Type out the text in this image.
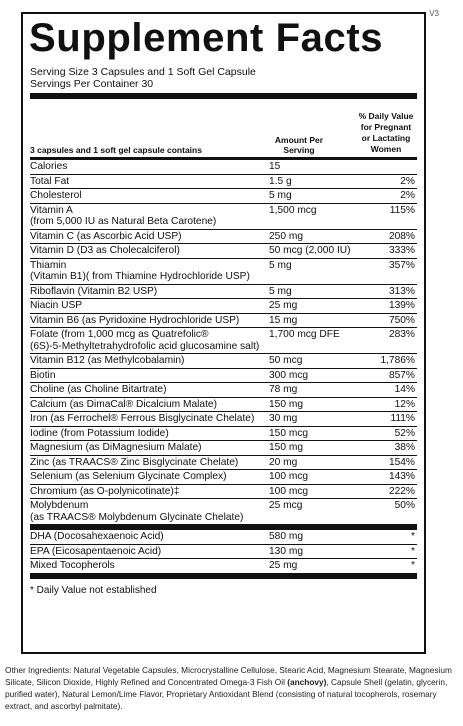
V3
Supplement Facts
Serving Size 3 Capsules and 1 Soft Gel Capsule
Servings Per Container 30
3 capsules and 1 soft gel capsule contains
Amount Per
Serving
% Daily Value
for Pregnant
or Lactating
Women
Calories	15
Total Fat	1.5 g	2%
Cholesterol	5 mg	2%
Vitamin A
(from 5,000 IU as Natural Beta Carotene)
1,500 mcg	115%
Vitamin C (as Ascorbic Acid USP)	250 mg	208%
Vitamin D (D3 as Cholecalciferol)	50 mcg (2,000 IU)	333%
Thiamin
(Vitamin B1)( from Thiamine Hydrochloride USP)
5 mg	357%
Riboflavin (Vitamin B2 USP)	5 mg	313%
Niacin USP	25 mg	139%
Vitamin B6 (as Pyridoxine Hydrochloride USP)	15 mg	750%
Folate (from 1,000 mcg as Quatrefolic®
(6S)-5-Methyltetrahydrofolic acid glucosamine salt)
1,700 mcg DFE	283%
Vitamin B12 (as Methylcobalamin)	50 mcg	1,786%
Biotin	300 mcg	857%
Choline (as Choline Bitartrate)	78 mg	14%
Calcium (as DimaCal® Dicalcium Malate)	150 mg	12%
Iron (as Ferrochel® Ferrous Bisglycinate Chelate)	30 mg	111%
Iodine (from Potassium Iodide)	150 mcg	52%
Magnesium (as DiMagnesium Malate)	150 mg	38%
Zinc (as TRAACS® Zinc Bisglycinate Chelate)	20 mg	154%
Selenium (as Selenium Glycinate Complex)	100 mcg	143%
Chromium (as O-polynicotinate)‡	100 mcg	222%
Molybdenum
(as TRAACS® Molybdenum Glycinate Chelate)
25 mcg	50%
DHA (Docosahexaenoic Acid)	580 mg	*
EPA (Eicosapentaenoic Acid)	130 mg	*
Mixed Tocopherols	25 mg	*
* Daily Value not established
Other Ingredients: Natural Vegetable Capsules, Microcrystalline Cellulose, Stearic Acid, Magnesium Stearate, Magnesium Silicate, Silicon Dioxide, Highly Refined and Concentrated Omega-3 Fish Oil (anchovy), Capsule Shell (gelatin, glycerin, purified water), Natural Lemon/Lime Flavor, Proprietary Antioxidant Blend (consisting of natural tocopherols, rosemary extract, and ascorbyl palmitate).
